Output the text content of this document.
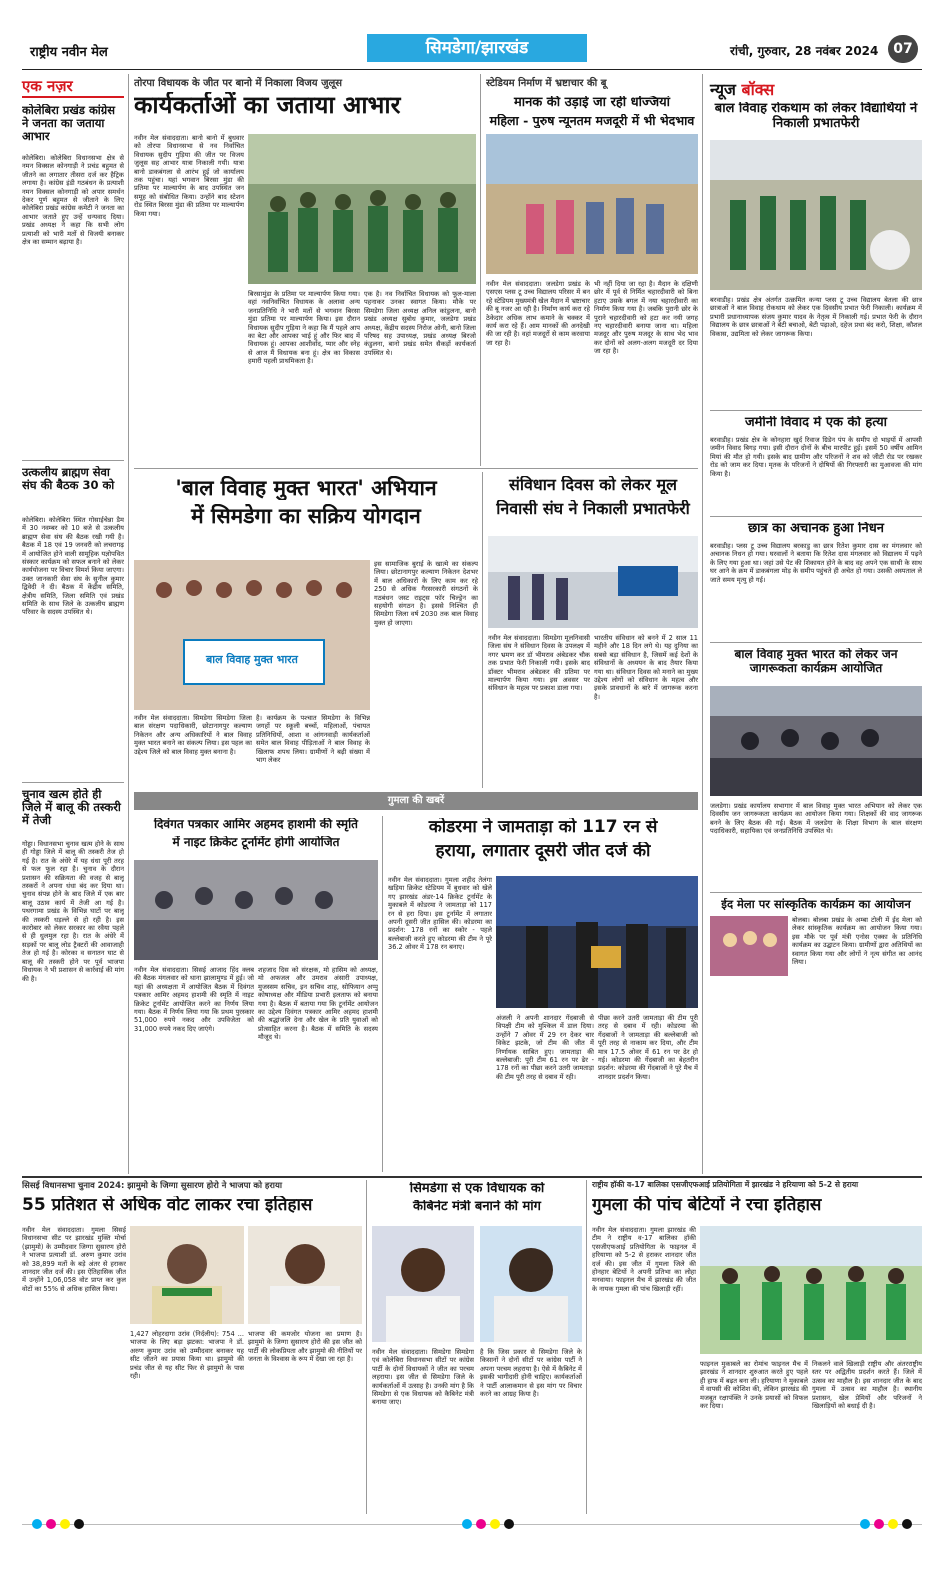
राष्ट्रीय नवीन मेल	सिमडेगा/झारखंड	रांची, गुरुवार, 28 नवंबर 2024	07
एक नज़र
कोलेबिरा प्रखंड कांग्रेस ने जनता का जताया आभार
कोलेबिरा। कोलेबिरा विधानसभा क्षेत्र से नमन विक्सल कोनगाड़ी ने प्रचंड बहुमत से जीतने का लगातार तीसरा दर्ज कर हैट्रिक लगाया है। कांग्रेस इंडी गठबंधन के प्रत्याशी नमन विक्सल कोनगाड़ी को अपार समर्थन देकर पूर्ण बहुमत से जीताने के लिए कोलेबिरा प्रखंड कांग्रेस कमेटी ने जनता का आभार जताते हुए उन्हें धन्यवाद दिया। प्रखंड अध्यक्ष ने कहा कि सभी लोग प्रत्याशी को भारी मतों से विजयी बनाकर क्षेत्र का सम्मान बढ़ाया है।
उत्कलीय ब्राह्मण सेवा संघ की बैठक 30 को
कोलेबिरा। कोलेबिरा स्थित गोसाईचेन्ना डैम में 30 नवम्बर को 10 बजे से उत्कलीय ब्राह्मण सेवा संघ की बैठक रखी गयी है। बैठक में 18 एवं 19 जनवरी को लचरागढ़ में आयोजित होने वाली सामूहिक यज्ञोपवित संस्कार कार्यक्रम को सफल बनाने को लेकर कार्ययोजना पर विचार विमर्श किया जाएगा। उक्त जानकारी सेवा संघ के सुनील कुमार द्विवेदी ने दी। बैठक में केंद्रीय समिति, क्षेत्रीय समिति, जिला समिति एवं प्रखंड समिति के साथ जिले के उत्कलीय ब्राह्मण परिवार के सदस्य उपस्थित थे।
चुनाव खत्म होते ही जिले में बालू की तस्करी में तेजी
गोड्डा। विधानसभा चुनाव खत्म होने के साथ ही गोड्डा जिले में बालू की तस्करी तेज हो गई है। रात के अंधेरे में यह धंधा पूरी तरह से फल फूल रहा है। चुनाव के दौरान प्रशासन की सक्रियता की वजह से बालू तस्करों ने अपना धंधा बंद कर दिया था। चुनाव संपन्न होने के बाद जिले में एक बार बालू उठाव कार्य में तेजी आ गई है। पथरगामा प्रखंड के विभिन्न घाटों पर बालू की तस्करी धड़ल्ले से हो रही है। इस कारोबार को लेकर सरकार का रवैया पहले से ही धुलमुल रहा है। रात के अंधेरे में सड़कों पर बालू लोड ट्रैक्टरों की आवाजाही तेज हो गई है। कोरका व सनातन घाट से बालू की तस्करी होने पर पूर्व भाजपा विधायक ने भी प्रशासन से कार्रवाई की मांग की है।
तोरपा विधायक के जीत पर बानो में निकाला विजय जुलूस
कार्यकर्ताओं का जताया आभार
नवीन मेल संवाददाता। बानो बानो में बुधवार को तोरपा विधानसभा से नव निर्वाचित विधायक सुदीप गुड़िया की जीत पर विजय जुलूस सह आभार यात्रा निकाली गयी। यात्रा बानो डाकबंगला से आरंभ हुई जो कार्यालय तक पहुंचा। यहां भगवान बिरसा मुंडा की प्रतिमा पर माल्यार्पण के बाद उपस्थित जन समूह को संबोधित किया। उन्होंने बाद स्टेशन रोड स्थित बिरसा मुंडा की प्रतिमा पर माल्यार्पण किया गया।
बिरसामुंडा के प्रतिमा पर माल्यार्पण किया गया। वहां नवनिर्वाचित विधायक के अलावा अन्य जनप्रतिनिधि ने भारी मतों से भगवान बिरसा मुंडा प्रतिमा पर माल्यार्पण किया। इस दौरान विधायक सुदीप गुड़िया ने कहा कि मैं पहले आप का बेटा और आपका भाई हूं और फिर बाद में विधायक हूं। आपका आशीर्वाद, प्यार और स्नेह से आज मैं विधायक बना हूं। क्षेत्र का विकास हमारी पहली प्राथमिकता है।
एक है। नव निर्वाचित विधायक को फूल-माला पहनाकर उनका स्वागत किया। मौके पर सिमडेगा जिला अध्यक्ष अनिल कांडुलना, बानो प्रखंड अध्यक्ष सुबोध कुमार, जलडेगा प्रखंड अध्यक्ष, केंद्रीय सदस्य निरोज ओनी, बानो जिला परिषद सह उपाध्यक्ष, प्रखंड अध्यक्ष बिरजो कंडुलना, बानो प्रखंड समेत सैकड़ों कार्यकर्ता उपस्थित थे।
स्टेडियम निर्माण में भ्रष्टाचार की बू
मानक की उड़ाई जा रही धज्जियां
महिला - पुरुष न्यूनतम मजदूरी में भी भेदभाव
नवीन मेल संवाददाता। जलडेगा प्रखंड के एसएस प्लस टू उच्च विद्यालय परिसर में बन रहे स्टेडियम मुख्यमंत्री खेल मैदान में भ्रष्टाचार की बू नजर आ रही है। निर्माण कार्य करा रहे ठेकेदार अधिक लाभ कमाने के चक्कर में कार्य करा रहे हैं। आम मानकों की अनदेखी की जा रही है। वहां मजदूरों से काम करवाया जा रहा है।
भी नहीं दिया जा रहा है। मैदान के दक्षिणी छोर में पूर्व से निर्मित चहारदीवारी को बिना हटाए उसके बगल में नया चहारदीवारी का निर्माण किया गया है। जबकि पुरानी छोर के पुराने चहारदीवारी को हटा कर नयी जगह नए चहारदीवारी बनाया जाना था। महिला मजदूर और पुरुष मजदूर के साथ भेद भाव कर दोनों को अलग-अलग मजदूरी दर दिया जा रहा है।
'बाल विवाह मुक्त भारत' अभियान
में सिमडेगा का सक्रिय योगदान
बाल विवाह मुक्त भारत
नवीन मेल संवाददाता। सिमडेगा सिमडेगा जिला बाल संरक्षण पदाधिकारी, छोटानागपुर कल्याण निकेतन और अन्य अधिकारियों ने बाल विवाह मुक्त भारत बनाने का संकल्प लिया। इस पहल का उद्देश्य जिले को बाल विवाह मुक्त बनाना है।
है। कार्यक्रम के पश्चात सिमडेगा के विभिन्न जगहों पर स्कूली बच्चों, महिलाओं, पंचायत प्रतिनिधियों, आशा व आंगनवाड़ी कार्यकर्ताओं समेत बाल विवाह पीड़िताओं ने बाल विवाह के खिलाफ शपथ लिया। ग्रामीणों ने बढ़ी संख्या में भाग लेकर
इस सामाजिक बुराई के खात्मे का संकल्प लिया। छोटानागपुर कल्याण निकेतन देशभर में बाल अधिकारों के लिए काम कर रहे 250 से अधिक गैरसरकारी संगठनों के गठबंधन जस्ट राइट्स फॉर चिल्ड्रेन का सहयोगी संगठन है। इससे निश्चित ही सिमडेगा जिला वर्ष 2030 तक बाल विवाह मुक्त हो जाएगा।
संविधान दिवस को लेकर मूल
निवासी संघ ने निकाली प्रभातफेरी
नवीन मेल संवाददाता। सिमडेगा मूलनिवासी जिला संघ ने संविधान दिवस के उपलक्ष्य में नगर भ्रमण कर डॉ भीमराव अंबेडकर चौक तक प्रभात फेरी निकाली गयी। इसके बाद डॉक्टर भीमराव अंबेडकर की प्रतिमा पर माल्यार्पण किया गया। इस अवसर पर संविधान के महत्व पर प्रकाश डाला गया।
भारतीय संविधान को बनने में 2 साल 11 महीने और 18 दिन लगे थे। यह दुनिया का सबसे बड़ा संविधान है, जिसमें कई देशों के संविधानों के अध्ययन के बाद तैयार किया गया था। संविधान दिवस को मनाने का मुख्य उद्देश्य लोगों को संविधान के महत्व और इसके प्रावधानों के बारे में जागरूक करना है।
गुमला की खबरें
दिवंगत पत्रकार आमिर अहमद हाशमी की स्मृति
में नाइट क्रिकेट टूर्नामेंट होगी आयोजित
नवीन मेल संवाददाता। सिसई आजाद हिंद क्लब की बैठक मंगलवार को थाना झालामुण्ड में हुई। जो यहां की अध्यक्षता में आयोजित बैठक में दिवंगत पत्रकार आमिर अहमद हाशमी की स्मृति में नाइट क्रिकेट टूर्नामेंट आयोजित करने का निर्णय लिया गया। बैठक में निर्णय लिया गया कि प्रथम पुरस्कार 51,000 रुपये नकद और उपविजेता को 31,000 रुपये नकद दिए जाएंगे।
शहजाद दिस को संरक्षक, मो हासिम को अध्यक्ष, मो अफजल और उमराव अंसारी उपाध्यक्ष, मुजस्सम सचिव, इन सचिव शाह, सोफियान अप्पु कोषाध्यक्ष और मीडिया प्रभारी इलताफ को बनाया गया है। बैठक में बताया गया कि टूर्नामेंट आयोजन का उद्देश्य दिवंगत पत्रकार आमिर अहमद हाशमी की श्रद्धांजलि देना और खेल के प्रति युवाओं को प्रोत्साहित करना है। बैठक में समिति के सदस्य मौजूद थे।
कोडरमा ने जामताड़ा को 117 रन से
हराया, लगातार दूसरी जीत दर्ज की
नवीन मेल संवाददाता। गुमला शहीद तेलंगा खड़िया क्रिकेट स्टेडियम में बुधवार को खेले गए झारखंड अंडर-14 क्रिकेट टूर्नामेंट के मुकाबले में कोडरमा ने जामताड़ा को 117 रन से हरा दिया। इस टूर्नामेंट में लगातार अपनी दूसरी जीत हासिल की। कोडरमा का प्रदर्शन: 178 रनों का स्कोर - पहले बल्लेबाजी करते हुए कोडरमा की टीम ने पूरे 36.2 ओवर में 178 रन बनाए।
अंजली ने अपनी शानदार गेंदबाजी से विपक्षी टीम को मुश्किल में डाल दिया। उन्होंने 7 ओवर में 29 रन देकर चार विकेट झटके, जो टीम की जीत में निर्णायक साबित हुए। जामताड़ा की बल्लेबाजी: पूरी टीम 61 रन पर ढेर - 178 रनों का पीछा करने उतरी जामताड़ा की टीम पूरी तरह से दबाव में रही।
पीछा करने उतरी जामताड़ा की टीम पूरी तरह से दबाव में रही। कोडरमा की गेंदबाजों ने जामताड़ा की बल्लेबाजी को पूरी तरह से नाकाम कर दिया, और टीम मात्र 17.5 ओवर में 61 रन पर ढेर हो गई। कोडरमा की गेंदबाजी का बेहतरीन प्रदर्शन: कोडरमा की गेंदबाजों ने पूरे मैच में शानदार प्रदर्शन किया।
न्यूज बॉक्स
बाल विवाह रोकथाम को लेकर विद्यार्थियों ने निकाली प्रभातफेरी
बरवाडीह। प्रखंड क्षेत्र अंतर्गत उत्क्रमित कन्या प्लस टू उच्च विद्यालय बेतला की छात्र छात्राओं ने बाल विवाह रोकथाम को लेकर एक दिवसीय प्रभात फेरी निकाली। कार्यक्रम में प्रभारी प्रधानाध्यापक संजय कुमार यादव के नेतृत्व में निकाली गई। प्रभात फेरी के दौरान विद्यालय के छात्र छात्राओं ने बेटी बचाओ, बेटी पढ़ाओ, दहेज प्रथा बंद करो, शिक्षा, कौशल विकास, उद्यमिता को लेकर जागरूक किया।
जमीनी विवाद में एक की हत्या
बरवाडीह। प्रखंड क्षेत्र के कोनहारा खुर्द रिवाज ग्रिडेन पंप के समीप दो भाइयों में आपसी जमीन विवाद बिगड़ गया। इसी दौरान दोनों के बीच मारपीट हुई। इसमें 50 वर्षीय आमिन मियां की मौत हो गयी। इसके बाद ग्रामीण और परिजनों ने शव को जीटी रोड पर रखकर रोड को जाम कर दिया। मृतक के परिजनों ने दोषियों की गिरफ्तारी का मुआवजा की मांग किया है।
छात्र का अचानक हुआ निधन
बरवाडीह। प्लस टू उच्च विद्यालय बरकाडु का छात्र रितेश कुमार दास का मंगलवार को अचानक निधन हो गया। घरवालों ने बताया कि रितेश दास मंगलवार को विद्यालय में पढ़ने के लिए गया हुआ था। जहां उसे पेट की शिकायत होने के बाद वह अपने एक साथी के साथ घर आने के क्रम में डाकबंगला मोड़ के समीप पहुंचते ही अचेत हो गया। उसकी अस्पताल ले जाते समय मृत्यु हो गई।
बाल विवाह मुक्त भारत को लेकर जन जागरूकता कार्यक्रम आयोजित
जलडेगा। प्रखंड कार्यालय सभागार में बाल विवाह मुक्त भारत अभियान को लेकर एक दिवसीय जन जागरूकता कार्यक्रम का आयोजन किया गया। शिक्षकों की वाद जागरूक बनने के लिए बैठक की गई। बैठक में जलडेगा के शिक्षा विभाग के बाल संरक्षण पदाधिकारी, सहायिका एवं जनप्रतिनिधि उपस्थित थे।
ईद मेला पर सांस्कृतिक कार्यक्रम का आयोजन
बोलबा। बोलबा प्रखंड के अम्बा टोली में ईद मेला को लेकर सांस्कृतिक कार्यक्रम का आयोजन किया गया। इस मौके पर पूर्व मंत्री एनोस एक्का के प्रतिनिधि कार्यक्रम का उद्घाटन किया। ग्रामीणों द्वारा अतिथियों का स्वागत किया गया और लोगों ने नृत्य संगीत का आनंद लिया।
सिसई विधानसभा चुनाव 2024: झामुमो के जिग्गा सुसारण होरो ने भाजपा को हराया
55 प्रतिशत से अधिक वोट लाकर रचा इतिहास
नवीन मेल संवाददाता। गुमला सिसई विधानसभा सीट पर झारखंड मुक्ति मोर्चा (झामुमो) के उम्मीदवार जिग्गा सुसारण होरो ने भाजपा प्रत्याशी डॉ. अरुण कुमार उरांव को 38,899 मतों के बड़े अंतर से हराकर शानदार जीत दर्ज की। इस ऐतिहासिक जीत में उन्होंने 1,06,058 वोट प्राप्त कर कुल वोटों का 55% से अधिक हासिल किया।
1,427 लोहरदागा उरांव (निर्दलीय): 754 ... भाजपा के लिए बड़ा झटका: भाजपा ने डॉ. अरुण कुमार उरांव को उम्मीदवार बनाकर यह सीट जीतने का प्रयास किया था। झामुमो की प्रचंड जीत से यह सीट फिर से झामुमो के पास रही।
भाजपा की कमजोर योजना का प्रमाण है। झामुमो के जिग्गा सुसारण होरो की इस जीत को पार्टी की लोकप्रियता और झामुमो की नीतियों पर जनता के विश्वास के रूप में देखा जा रहा है।
सिमडेगा से एक विधायक को
कैबिनेट मंत्री बनाने की मांग
नवीन मेल संवाददाता। सिमडेगा सिमडेगा एवं कोलेबिरा विधानसभा सीटों पर कांग्रेस पार्टी के दोनों विधायकों ने जीत का परचम लहराया। इस जीत से सिमडेगा जिले के कार्यकर्ताओं में उत्साह है। उनकी मांग है कि सिमडेगा से एक विधायक को कैबिनेट मंत्री बनाया जाए।
है कि जिस प्रकार से सिमडेगा जिले के किसानों ने दोनों सीटों पर कांग्रेस पार्टी ने अपना परचम लहराया है। ऐसे में कैबिनेट में इसकी भागीदारी होनी चाहिए। कार्यकर्ताओं ने पार्टी आलाकमान से इस मांग पर विचार करने का आग्रह किया है।
राष्ट्रीय हॉकी व-17 बालिका एसजीएफआई प्रतियोगिता में झारखंड ने हरियाणा को 5-2 से हराया
गुमला की पांच बेटियों ने रचा इतिहास
नवीन मेल संवाददाता। गुमला झारखंड की टीम ने राष्ट्रीय व-17 बालिका हॉकी एसजीएफआई प्रतियोगिता के फाइनल में हरियाणा को 5-2 से हराकर शानदार जीत दर्ज की। इस जीत में गुमला जिले की होनहार बेटियों ने अपनी प्रतिभा का लोहा मनवाया। फाइनल मैच में झारखंड की जीत के नायक गुमला की पांच खिलाड़ी रहीं।
फाइनल मुकाबले का रोमांच फाइनल मैच में झारखंड ने शानदार शुरुआत करते हुए पहले ही हाफ में बढ़त बना ली। हरियाणा ने मुकाबले में वापसी की कोशिश की, लेकिन झारखंड की मजबूत रक्षापंक्ति ने उनके प्रयासों को विफल कर दिया।
निकलने वाले खिलाड़ी राष्ट्रीय और अंतरराष्ट्रीय स्तर पर अद्वितीय प्रदर्शन करते हैं। जिले में उत्सव का माहौल है। इस शानदार जीत के बाद गुमला में उत्सव का माहौल है। स्थानीय प्रशासन, खेल प्रेमियों और परिजनों ने खिलाड़ियों को बधाई दी है।
